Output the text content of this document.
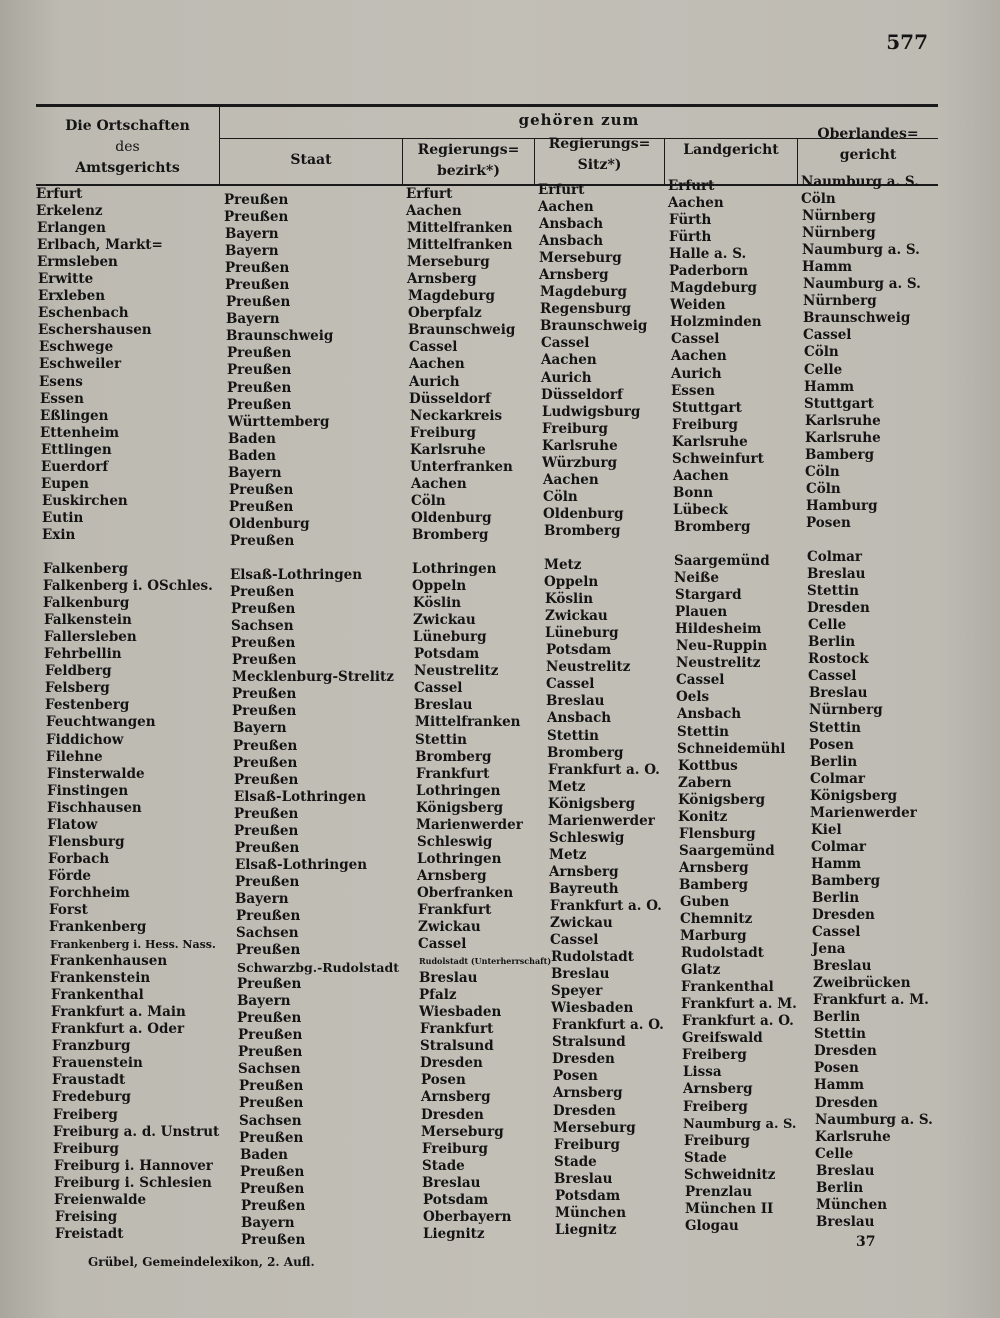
577
Die Ortschaften
des
Amtsgerichts
gehören zum
Staat
Regierungs=
bezirk*)
Regierungs=
Sitz*)
Landgericht
Oberlandes=
gericht
Erfurt
Erkelenz
Erlangen
Erlbach, Markt=
Ermsleben
Erwitte
Erxleben
Eschenbach
Eschershausen
Eschwege
Eschweiler
Esens
Essen
Eßlingen
Ettenheim
Ettlingen
Euerdorf
Eupen
Euskirchen
Eutin
Exin
Falkenberg
Falkenberg i. OSchles.
Falkenburg
Falkenstein
Fallersleben
Fehrbellin
Feldberg
Felsberg
Festenberg
Feuchtwangen
Fiddichow
Filehne
Finsterwalde
Finstingen
Fischhausen
Flatow
Flensburg
Forbach
Förde
Forchheim
Forst
Frankenberg
Frankenberg i. Hess. Nass.
Frankenhausen
Frankenstein
Frankenthal
Frankfurt a. Main
Frankfurt a. Oder
Franzburg
Frauenstein
Fraustadt
Fredeburg
Freiberg
Freiburg a. d. Unstrut
Freiburg
Freiburg i. Hannover
Freiburg i. Schlesien
Freienwalde
Freising
Freistadt
Preußen
Preußen
Bayern
Bayern
Preußen
Preußen
Preußen
Bayern
Braunschweig
Preußen
Preußen
Preußen
Preußen
Württemberg
Baden
Baden
Bayern
Preußen
Preußen
Oldenburg
Preußen
Elsaß-Lothringen
Preußen
Preußen
Sachsen
Preußen
Preußen
Mecklenburg-Strelitz
Preußen
Preußen
Bayern
Preußen
Preußen
Preußen
Elsaß-Lothringen
Preußen
Preußen
Preußen
Elsaß-Lothringen
Preußen
Bayern
Preußen
Sachsen
Preußen
Schwarzbg.-Rudolstadt
Preußen
Bayern
Preußen
Preußen
Preußen
Sachsen
Preußen
Preußen
Sachsen
Preußen
Baden
Preußen
Preußen
Preußen
Bayern
Preußen
Erfurt
Aachen
Mittelfranken
Mittelfranken
Merseburg
Arnsberg
Magdeburg
Oberpfalz
Braunschweig
Cassel
Aachen
Aurich
Düsseldorf
Neckarkreis
Freiburg
Karlsruhe
Unterfranken
Aachen
Cöln
Oldenburg
Bromberg
Lothringen
Oppeln
Köslin
Zwickau
Lüneburg
Potsdam
Neustrelitz
Cassel
Breslau
Mittelfranken
Stettin
Bromberg
Frankfurt
Lothringen
Königsberg
Marienwerder
Schleswig
Lothringen
Arnsberg
Oberfranken
Frankfurt
Zwickau
Cassel
Rudolstadt (Unterherrschaft)
Breslau
Pfalz
Wiesbaden
Frankfurt
Stralsund
Dresden
Posen
Arnsberg
Dresden
Merseburg
Freiburg
Stade
Breslau
Potsdam
Oberbayern
Liegnitz
Erfurt
Aachen
Ansbach
Ansbach
Merseburg
Arnsberg
Magdeburg
Regensburg
Braunschweig
Cassel
Aachen
Aurich
Düsseldorf
Ludwigsburg
Freiburg
Karlsruhe
Würzburg
Aachen
Cöln
Oldenburg
Bromberg
Metz
Oppeln
Köslin
Zwickau
Lüneburg
Potsdam
Neustrelitz
Cassel
Breslau
Ansbach
Stettin
Bromberg
Frankfurt a. O.
Metz
Königsberg
Marienwerder
Schleswig
Metz
Arnsberg
Bayreuth
Frankfurt a. O.
Zwickau
Cassel
Rudolstadt
Breslau
Speyer
Wiesbaden
Frankfurt a. O.
Stralsund
Dresden
Posen
Arnsberg
Dresden
Merseburg
Freiburg
Stade
Breslau
Potsdam
München
Liegnitz
Erfurt
Aachen
Fürth
Fürth
Halle a. S.
Paderborn
Magdeburg
Weiden
Holzminden
Cassel
Aachen
Aurich
Essen
Stuttgart
Freiburg
Karlsruhe
Schweinfurt
Aachen
Bonn
Lübeck
Bromberg
Saargemünd
Neiße
Stargard
Plauen
Hildesheim
Neu-Ruppin
Neustrelitz
Cassel
Oels
Ansbach
Stettin
Schneidemühl
Kottbus
Zabern
Königsberg
Konitz
Flensburg
Saargemünd
Arnsberg
Bamberg
Guben
Chemnitz
Marburg
Rudolstadt
Glatz
Frankenthal
Frankfurt a. M.
Frankfurt a. O.
Greifswald
Freiberg
Lissa
Arnsberg
Freiberg
Naumburg a. S.
Freiburg
Stade
Schweidnitz
Prenzlau
München II
Glogau
Naumburg a. S.
Cöln
Nürnberg
Nürnberg
Naumburg a. S.
Hamm
Naumburg a. S.
Nürnberg
Braunschweig
Cassel
Cöln
Celle
Hamm
Stuttgart
Karlsruhe
Karlsruhe
Bamberg
Cöln
Cöln
Hamburg
Posen
Colmar
Breslau
Stettin
Dresden
Celle
Berlin
Rostock
Cassel
Breslau
Nürnberg
Stettin
Posen
Berlin
Colmar
Königsberg
Marienwerder
Kiel
Colmar
Hamm
Bamberg
Berlin
Dresden
Cassel
Jena
Breslau
Zweibrücken
Frankfurt a. M.
Berlin
Stettin
Dresden
Posen
Hamm
Dresden
Naumburg a. S.
Karlsruhe
Celle
Breslau
Berlin
München
Breslau
37
Grübel, Gemeindelexikon, 2. Aufl.
